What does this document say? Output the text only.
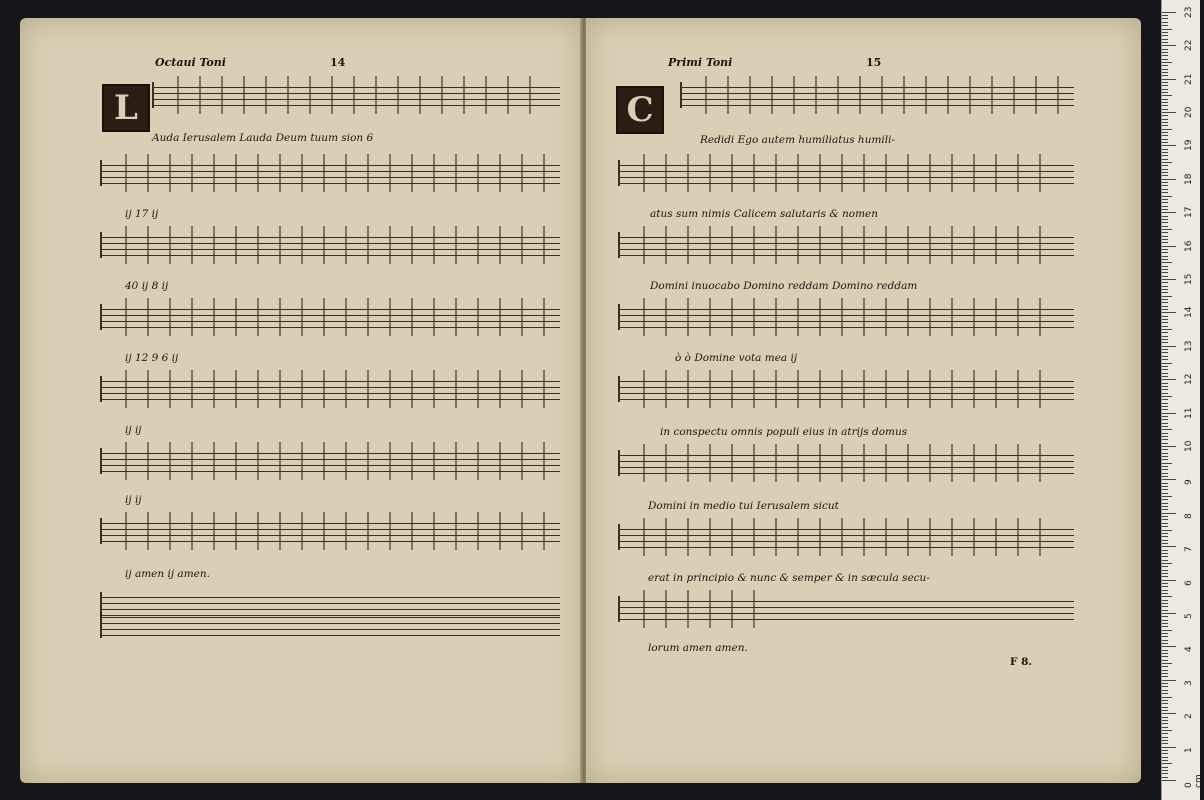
Octaui Toni	14
L
Auda Ierusalem Lauda Deum tuum sion 6
ij 17 ij
40 ij 8 ij
ij 12 9 6 ij
ij ij
ij ij
ij amen ij amen.
Primi Toni	15
C
Redidi Ego autem humiliatus humili-
atus sum nimis Calicem salutaris & nomen
Domini inuocabo Domino reddam Domino reddam
ò ò Domine vota mea ij
in conspectu omnis populi eius in atrijs domus
Domini in medio tui Ierusalem sicut
erat in principio & nunc & semper & in sæcula secu-
lorum amen amen.
F 8.
0 cm
1
2
3
4
5
6
7
8
9
10
11
12
13
14
15
16
17
18
19
20
21
22
23
